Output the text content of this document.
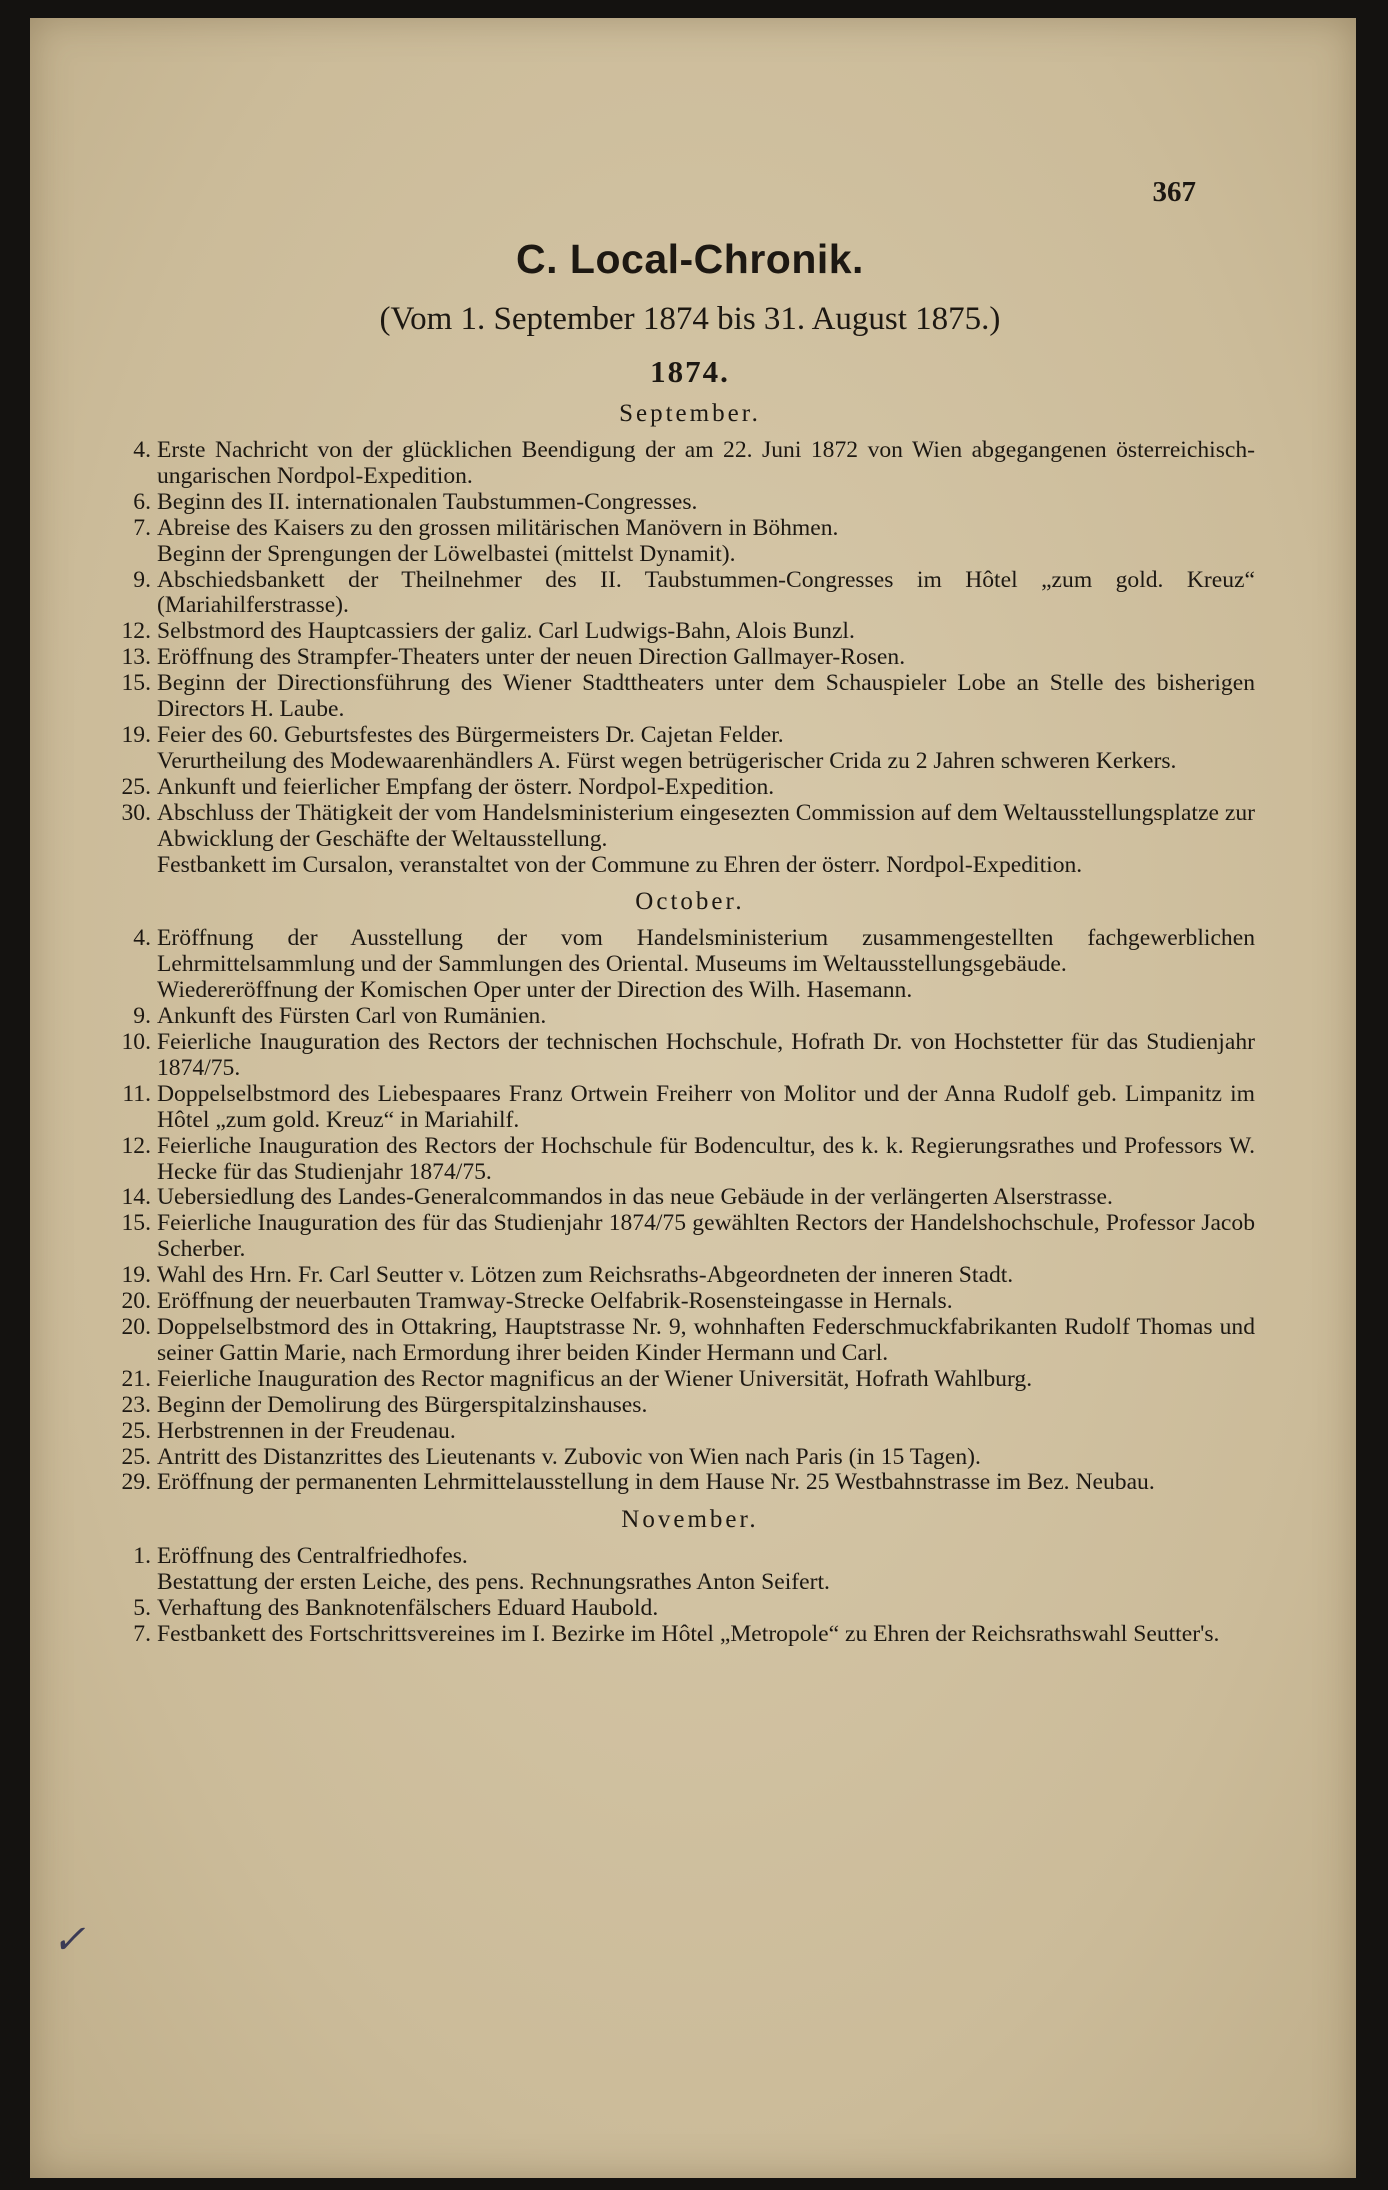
367
C. Local-Chronik.
(Vom 1. September 1874 bis 31. August 1875.)
1874.
September.
4. Erste Nachricht von der glücklichen Beendigung der am 22. Juni 1872 von Wien abgegangenen österreichisch-ungarischen Nordpol-Expedition.
6. Beginn des II. internationalen Taubstummen-Congresses.
7. Abreise des Kaisers zu den grossen militärischen Manövern in Böhmen.
Beginn der Sprengungen der Löwelbastei (mittelst Dynamit).
9. Abschiedsbankett der Theilnehmer des II. Taubstummen-Congresses im Hôtel „zum gold. Kreuz“ (Mariahilferstrasse).
12. Selbstmord des Hauptcassiers der galiz. Carl Ludwigs-Bahn, Alois Bunzl.
13. Eröffnung des Strampfer-Theaters unter der neuen Direction Gallmayer-Rosen.
15. Beginn der Directionsführung des Wiener Stadttheaters unter dem Schauspieler Lobe an Stelle des bisherigen Directors H. Laube.
19. Feier des 60. Geburtsfestes des Bürgermeisters Dr. Cajetan Felder.
Verurtheilung des Modewaarenhändlers A. Fürst wegen betrügerischer Crida zu 2 Jahren schweren Kerkers.
25. Ankunft und feierlicher Empfang der österr. Nordpol-Expedition.
30. Abschluss der Thätigkeit der vom Handelsministerium eingesezten Commission auf dem Weltausstellungsplatze zur Abwicklung der Geschäfte der Weltausstellung.
Festbankett im Cursalon, veranstaltet von der Commune zu Ehren der österr. Nordpol-Expedition.
October.
4. Eröffnung der Ausstellung der vom Handelsministerium zusammengestellten fachgewerblichen Lehrmittelsammlung und der Sammlungen des Oriental. Museums im Weltausstellungsgebäude.
Wiedereröffnung der Komischen Oper unter der Direction des Wilh. Hasemann.
9. Ankunft des Fürsten Carl von Rumänien.
10. Feierliche Inauguration des Rectors der technischen Hochschule, Hofrath Dr. von Hochstetter für das Studienjahr 1874/75.
11. Doppelselbstmord des Liebespaares Franz Ortwein Freiherr von Molitor und der Anna Rudolf geb. Limpanitz im Hôtel „zum gold. Kreuz“ in Mariahilf.
12. Feierliche Inauguration des Rectors der Hochschule für Bodencultur, des k. k. Regierungsrathes und Professors W. Hecke für das Studienjahr 1874/75.
14. Uebersiedlung des Landes-Generalcommandos in das neue Gebäude in der verlängerten Alserstrasse.
15. Feierliche Inauguration des für das Studienjahr 1874/75 gewählten Rectors der Handelshochschule, Professor Jacob Scherber.
19. Wahl des Hrn. Fr. Carl Seutter v. Lötzen zum Reichsraths-Abgeordneten der inneren Stadt.
20. Eröffnung der neuerbauten Tramway-Strecke Oelfabrik-Rosensteingasse in Hernals.
20. Doppelselbstmord des in Ottakring, Hauptstrasse Nr. 9, wohnhaften Federschmuckfabrikanten Rudolf Thomas und seiner Gattin Marie, nach Ermordung ihrer beiden Kinder Hermann und Carl.
21. Feierliche Inauguration des Rector magnificus an der Wiener Universität, Hofrath Wahlburg.
23. Beginn der Demolirung des Bürgerspitalzinshauses.
25. Herbstrennen in der Freudenau.
25. Antritt des Distanzrittes des Lieutenants v. Zubovic von Wien nach Paris (in 15 Tagen).
29. Eröffnung der permanenten Lehrmittelausstellung in dem Hause Nr. 25 Westbahnstrasse im Bez. Neubau.
November.
1. Eröffnung des Centralfriedhofes.
Bestattung der ersten Leiche, des pens. Rechnungsrathes Anton Seifert.
5. Verhaftung des Banknotenfälschers Eduard Haubold.
7. Festbankett des Fortschrittsvereines im I. Bezirke im Hôtel „Metropole“ zu Ehren der Reichsrathswahl Seutter's.
✓
